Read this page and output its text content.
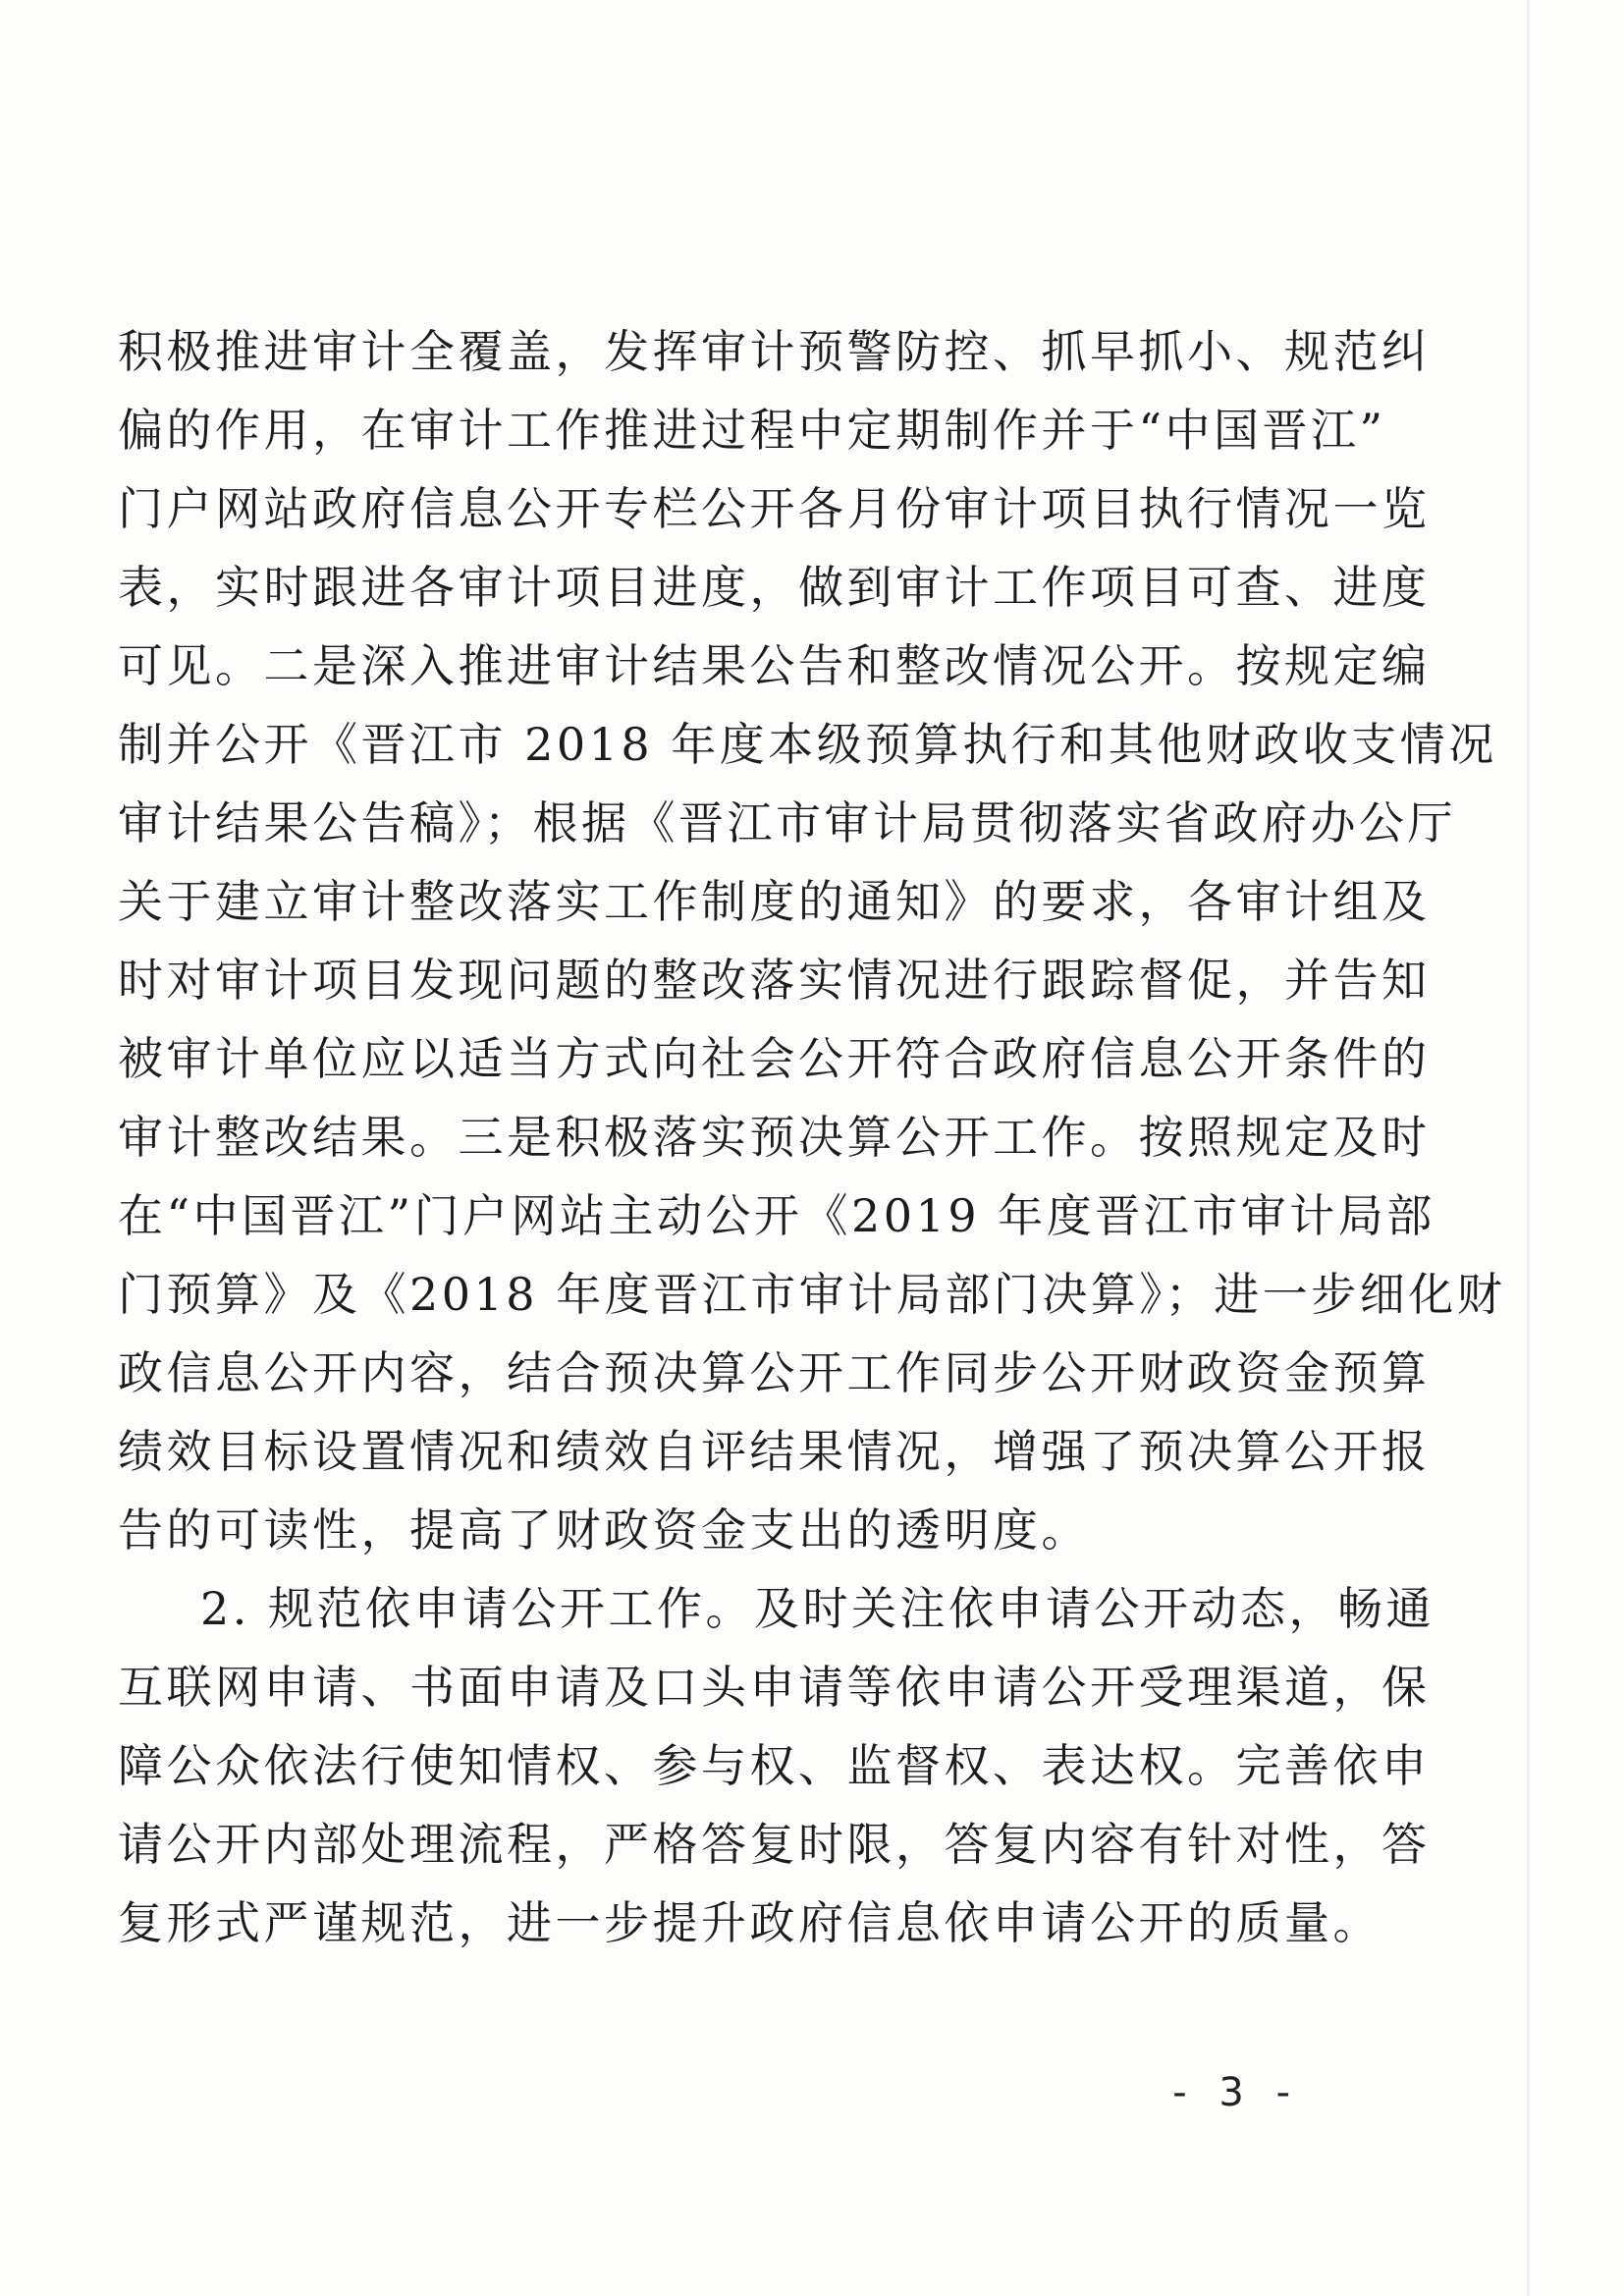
积极推进审计全覆盖，发挥审计预警防控、抓早抓小、规范纠
偏的作用，在审计工作推进过程中定期制作并于“中国晋江”
门户网站政府信息公开专栏公开各月份审计项目执行情况一览
表，实时跟进各审计项目进度，做到审计工作项目可查、进度
可见。二是深入推进审计结果公告和整改情况公开。按规定编
制并公开《晋江市 2018 年度本级预算执行和其他财政收支情况
审计结果公告稿》；根据《晋江市审计局贯彻落实省政府办公厅
关于建立审计整改落实工作制度的通知》的要求，各审计组及
时对审计项目发现问题的整改落实情况进行跟踪督促，并告知
被审计单位应以适当方式向社会公开符合政府信息公开条件的
审计整改结果。三是积极落实预决算公开工作。按照规定及时
在“中国晋江”门户网站主动公开《2019 年度晋江市审计局部
门预算》及《2018 年度晋江市审计局部门决算》；进一步细化财
政信息公开内容，结合预决算公开工作同步公开财政资金预算
绩效目标设置情况和绩效自评结果情况，增强了预决算公开报
告的可读性，提高了财政资金支出的透明度。
2. 规范依申请公开工作。及时关注依申请公开动态，畅通
互联网申请、书面申请及口头申请等依申请公开受理渠道，保
障公众依法行使知情权、参与权、监督权、表达权。完善依申
请公开内部处理流程，严格答复时限，答复内容有针对性，答
复形式严谨规范，进一步提升政府信息依申请公开的质量。
- 3 -
